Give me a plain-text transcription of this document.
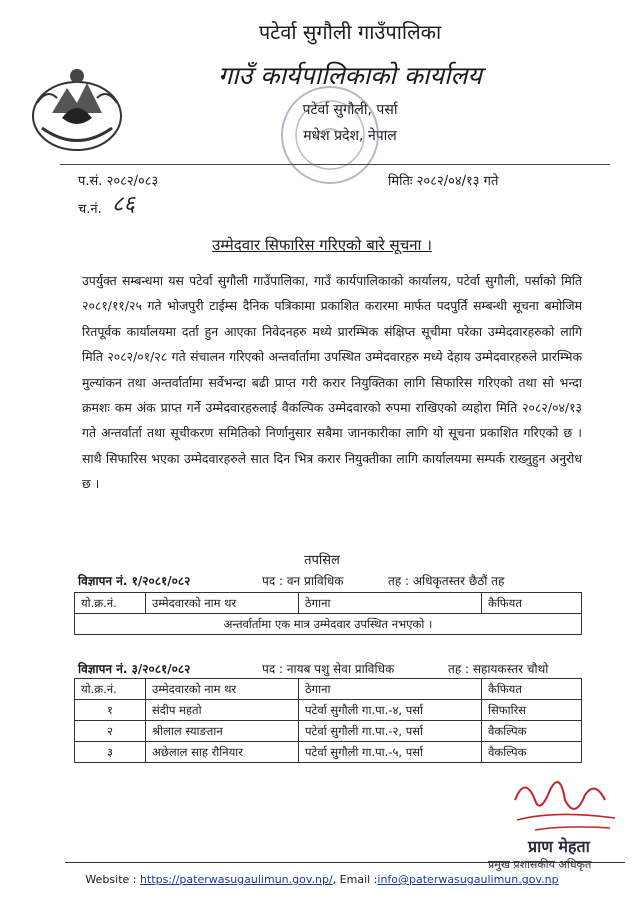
पटेर्वा सुगौली गाउँपालिका
गाउँ कार्यपालिकाको कार्यालय
पटेर्वा सुगौली, पर्सा
मधेश प्रदेश, नेपाल
प.सं. २०८२/०८३
च.नं. ८६
मितिः २०८२/०४/१३ गते
उम्मेदवार सिफारिस गरिएको बारे सूचना ।
उपर्युक्त सम्बन्धमा यस पटेर्वा सुगौली गाउँपालिका, गाउँ कार्यपालिकाको कार्यालय, पटेर्वा सुगौली, पर्साको मिति २०८१/११/२५ गते भोजपुरी टाईम्स दैनिक पत्रिकामा प्रकाशित करारमा मार्फत पदपुर्ति सम्बन्धी सूचना बमोजिम रितपूर्वक कार्यालयमा दर्ता हुन आएका निवेदनहरु मध्ये प्रारम्भिक संक्षिप्त सूचीमा परेका उम्मेदवारहरुको लागि मिति २०८२/०१/२८ गते संचालन गरिएको अन्तर्वार्तामा उपस्थित उम्मेदवारहरु मध्ये देहाय उम्मेदवारहरुले प्रारम्भिक मुल्यांकन तथा अन्तर्वार्तामा सर्वेभन्दा बढी प्राप्त गरी करार नियुक्तिका लागि सिफारिस गरिएको तथा सो भन्दा क्रमशः कम अंक प्राप्त गर्ने उम्मेदवारहरुलाई वैकल्पिक उम्मेदवारको रुपमा राखिएको व्यहोरा मिति २०८२/०४/१३ गते अन्तर्वार्ता तथा सूचीकरण समितिको निर्णानुसार सबैमा जानकारीका लागि यो सूचना प्रकाशित गरिएको छ । साथै सिफारिस भएका उम्मेदवारहरुले सात दिन भित्र करार नियुक्तीका लागि कार्यालयमा सम्पर्क राख्नुहुन अनुरोध छ ।
तपसिल
विज्ञापन नं. १/२०८१/०८२	पद : वन प्राविधिक	तह : अधिकृतस्तर छैठौं तह
यो.क्र.नं.	उम्मेदवारको नाम थर	ठेगाना	कैफियत
अन्तर्वार्तामा एक मात्र उम्मेदवार उपस्थित नभएको ।
विज्ञापन नं. ३/२०८१/०८२	पद : नायब पशु सेवा प्राविधिक	तह : सहायकस्तर चौथो
यो.क्र.नं.	उम्मेदवारको नाम थर	ठेगाना	कैफियत
१	संदीप महतो	पटेर्वा सुगौली गा.पा.-४, पर्सा	सिफारिस
२	श्रीलाल स्याङतान	पटेर्वा सुगौली गा.पा.-२, पर्सा	वैकल्पिक
३	अछेलाल साह रौनियार	पटेर्वा सुगौली गा.पा.-५, पर्सा	वैकल्पिक
प्राण मेहता
प्रमुख प्रशासकीय अधिकृत
Website : https://paterwasugaulimun.gov.np/, Email :info@paterwasugaulimun.gov.np
